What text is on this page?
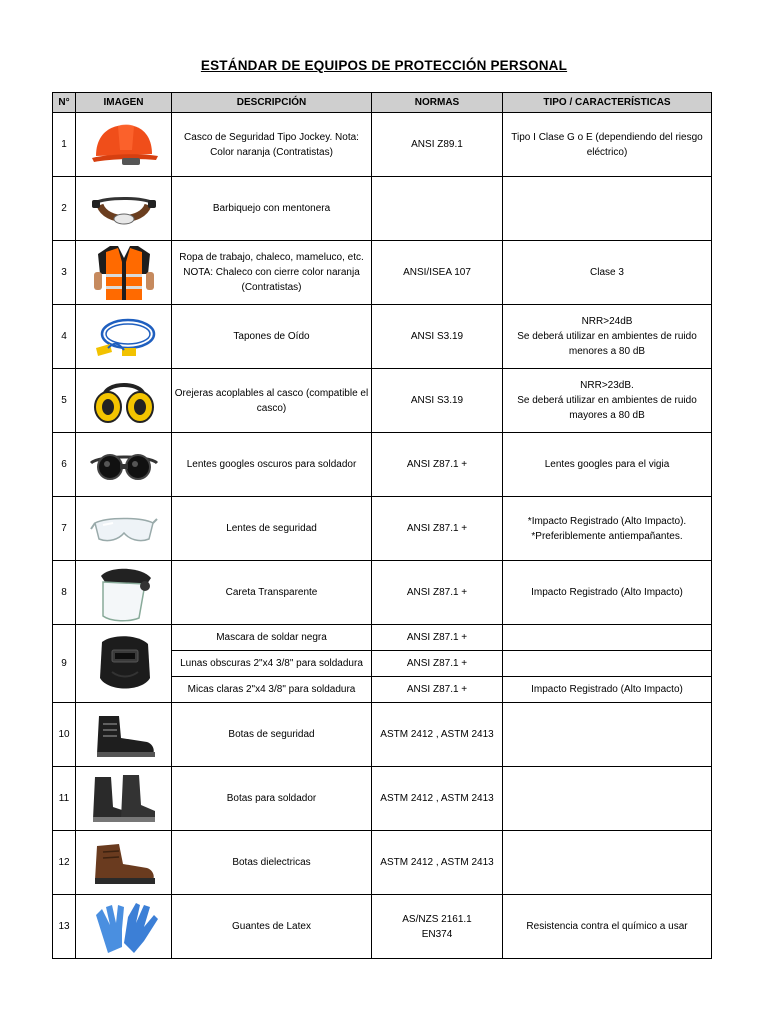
ESTÁNDAR DE EQUIPOS DE PROTECCIÓN PERSONAL
N°	IMAGEN	DESCRIPCIÓN	NORMAS	TIPO / CARACTERÍSTICAS
1		Casco de Seguridad Tipo Jockey. Nota: Color naranja (Contratistas)	ANSI Z89.1	Tipo I Clase G o E (dependiendo del riesgo eléctrico)
2		Barbiquejo con mentonera		
3		Ropa de trabajo, chaleco, mameluco, etc.
NOTA: Chaleco con cierre color naranja (Contratistas)	ANSI/ISEA 107	Clase 3
4		Tapones de Oído	ANSI S3.19	NRR>24dB
Se deberá utilizar en ambientes de ruido menores a 80 dB
5		Orejeras acoplables al casco (compatible el casco)	ANSI S3.19	NRR>23dB.
Se deberá utilizar en ambientes de ruido mayores a 80 dB
6		Lentes googles oscuros para soldador	ANSI Z87.1 +	Lentes googles para el vigia
7		Lentes de seguridad	ANSI Z87.1 +	*Impacto Registrado (Alto Impacto).
*Preferiblemente antiempañantes.
8		Careta Transparente	ANSI Z87.1 +	Impacto Registrado (Alto Impacto)
9		Mascara de soldar negra	ANSI Z87.1 +	
		Lunas obscuras 2"x4 3/8" para soldadura	ANSI Z87.1 +	
		Micas claras 2"x4 3/8" para soldadura	ANSI Z87.1 +	Impacto Registrado (Alto Impacto)
10		Botas de seguridad	ASTM 2412 , ASTM 2413	
11		Botas para soldador	ASTM 2412 , ASTM 2413	
12		Botas dielectricas	ASTM 2412 , ASTM 2413	
13		Guantes de Latex	AS/NZS 2161.1
EN374	Resistencia contra el químico a usar
